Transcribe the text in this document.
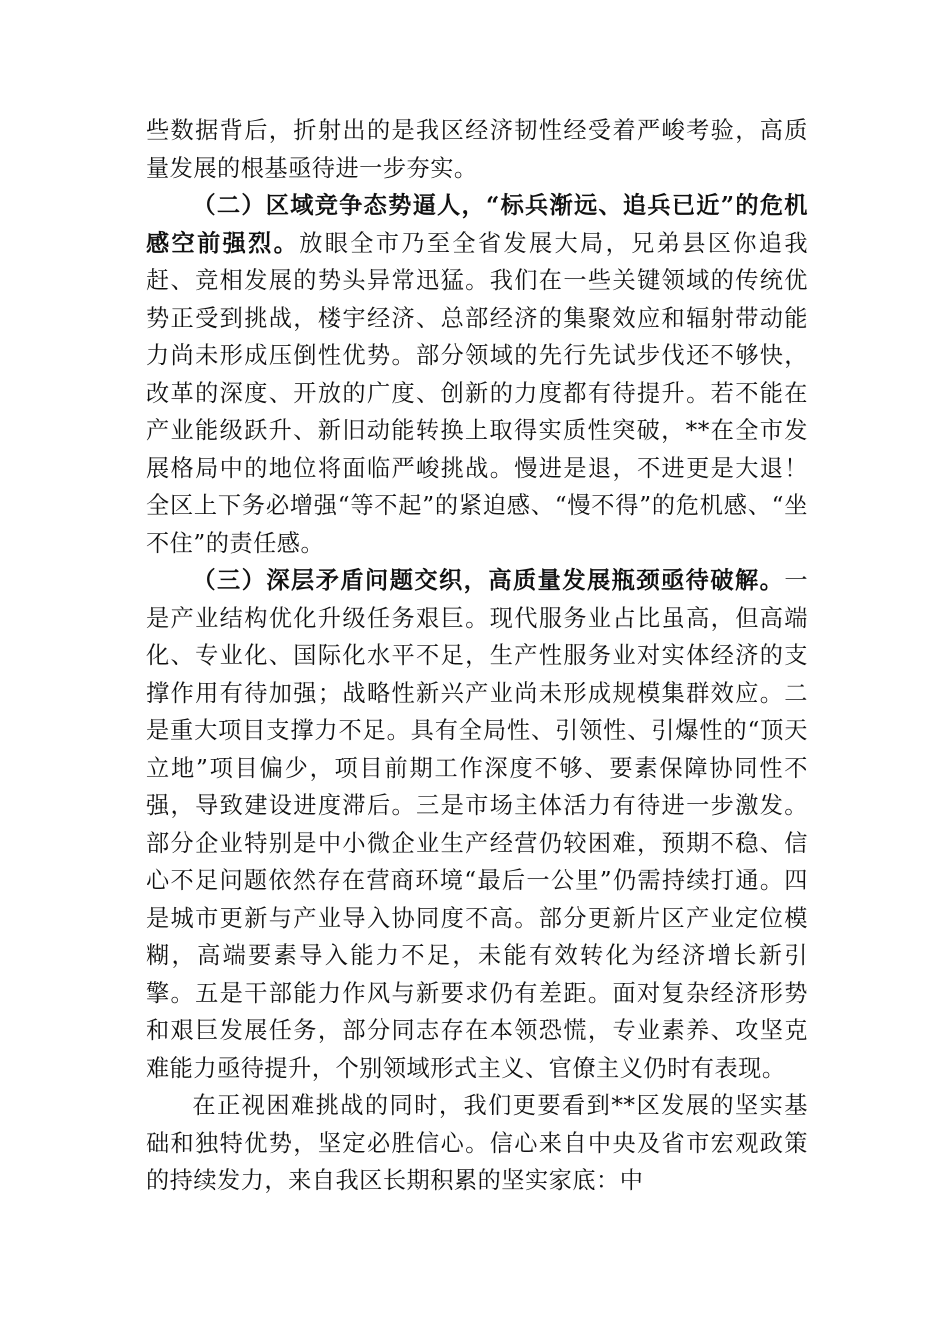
些数据背后，折射出的是我区经济韧性经受着严峻考验，高质量发展的根基亟待进一步夯实。

（二）区域竞争态势逼人，“标兵渐远、追兵已近”的危机感空前强烈。放眼全市乃至全省发展大局，兄弟县区你追我赶、竞相发展的势头异常迅猛。我们在一些关键领域的传统优势正受到挑战，楼宇经济、总部经济的集聚效应和辐射带动能力尚未形成压倒性优势。部分领域的先行先试步伐还不够快，改革的深度、开放的广度、创新的力度都有待提升。若不能在产业能级跃升、新旧动能转换上取得实质性突破，**在全市发展格局中的地位将面临严峻挑战。慢进是退，不进更是大退！全区上下务必增强“等不起”的紧迫感、“慢不得”的危机感、“坐不住”的责任感。

（三）深层矛盾问题交织，高质量发展瓶颈亟待破解。一是产业结构优化升级任务艰巨。现代服务业占比虽高，但高端化、专业化、国际化水平不足，生产性服务业对实体经济的支撑作用有待加强；战略性新兴产业尚未形成规模集群效应。二是重大项目支撑力不足。具有全局性、引领性、引爆性的“顶天立地”项目偏少，项目前期工作深度不够、要素保障协同性不强，导致建设进度滞后。三是市场主体活力有待进一步激发。部分企业特别是中小微企业生产经营仍较困难，预期不稳、信心不足问题依然存在营商环境“最后一公里”仍需持续打通。四是城市更新与产业导入协同度不高。部分更新片区产业定位模糊，高端要素导入能力不足，未能有效转化为经济增长新引擎。五是干部能力作风与新要求仍有差距。面对复杂经济形势和艰巨发展任务，部分同志存在本领恐慌，专业素养、攻坚克难能力亟待提升，个别领域形式主义、官僚主义仍时有表现。

在正视困难挑战的同时，我们更要看到**区发展的坚实基础和独特优势，坚定必胜信心。信心来自中央及省市宏观政策的持续发力，来自我区长期积累的坚实家底：中
